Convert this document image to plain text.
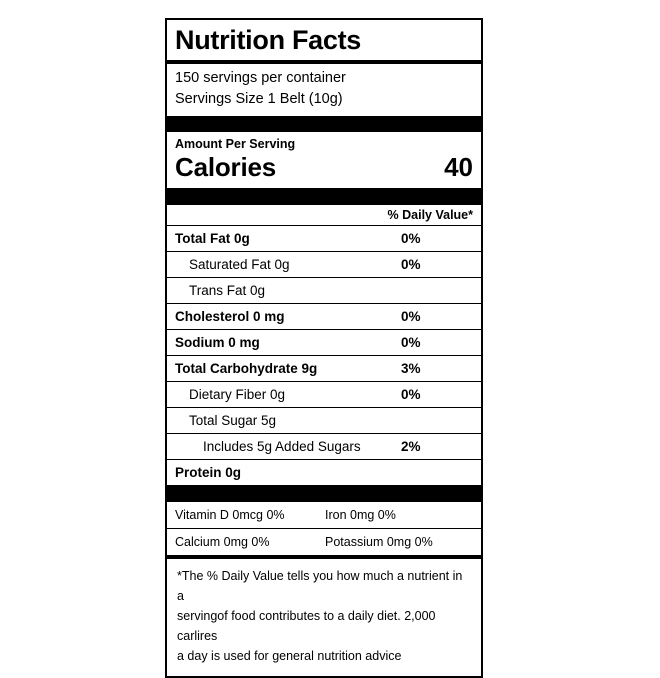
Nutrition Facts
150 servings per container
Servings Size 1 Belt (10g)
Amount Per Serving
Calories	40
% Daily Value*
Total Fat 0g	0%
Saturated Fat 0g	0%
Trans Fat 0g
Cholesterol 0 mg	0%
Sodium 0 mg	0%
Total Carbohydrate 9g	3%
Dietary Fiber 0g	0%
Total Sugar 5g
Includes 5g Added Sugars	2%
Protein 0g
Vitamin D 0mcg 0%	Iron 0mg 0%
Calcium 0mg 0%	Potassium 0mg 0%
*The % Daily Value tells you how much a nutrient in a
servingof food contributes to a daily diet. 2,000 carlires
a day is used for general nutrition advice
